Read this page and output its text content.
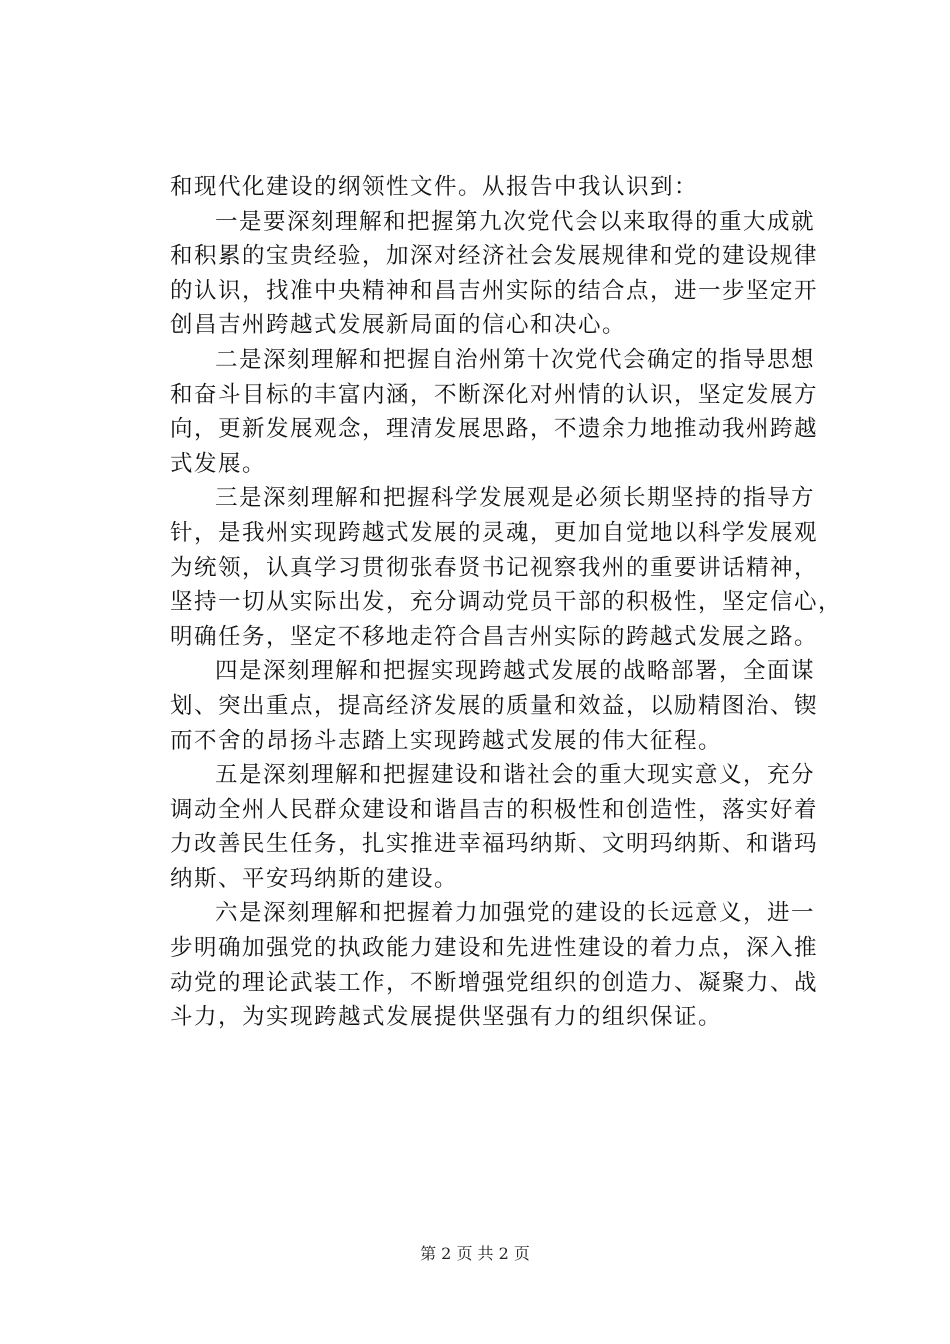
和现代化建设的纲领性文件。从报告中我认识到：
一是要深刻理解和把握第九次党代会以来取得的重大成就
和积累的宝贵经验，加深对经济社会发展规律和党的建设规律
的认识，找准中央精神和昌吉州实际的结合点，进一步坚定开
创昌吉州跨越式发展新局面的信心和决心。
二是深刻理解和把握自治州第十次党代会确定的指导思想
和奋斗目标的丰富内涵，不断深化对州情的认识，坚定发展方
向，更新发展观念，理清发展思路，不遗余力地推动我州跨越
式发展。
三是深刻理解和把握科学发展观是必须长期坚持的指导方
针，是我州实现跨越式发展的灵魂，更加自觉地以科学发展观
为统领，认真学习贯彻张春贤书记视察我州的重要讲话精神，
坚持一切从实际出发，充分调动党员干部的积极性，坚定信心，
明确任务，坚定不移地走符合昌吉州实际的跨越式发展之路。
四是深刻理解和把握实现跨越式发展的战略部署，全面谋
划、突出重点，提高经济发展的质量和效益，以励精图治、锲
而不舍的昂扬斗志踏上实现跨越式发展的伟大征程。
五是深刻理解和把握建设和谐社会的重大现实意义，充分
调动全州人民群众建设和谐昌吉的积极性和创造性，落实好着
力改善民生任务，扎实推进幸福玛纳斯、文明玛纳斯、和谐玛
纳斯、平安玛纳斯的建设。
六是深刻理解和把握着力加强党的建设的长远意义，进一
步明确加强党的执政能力建设和先进性建设的着力点，深入推
动党的理论武装工作，不断增强党组织的创造力、凝聚力、战
斗力，为实现跨越式发展提供坚强有力的组织保证。
第 2 页 共 2 页
